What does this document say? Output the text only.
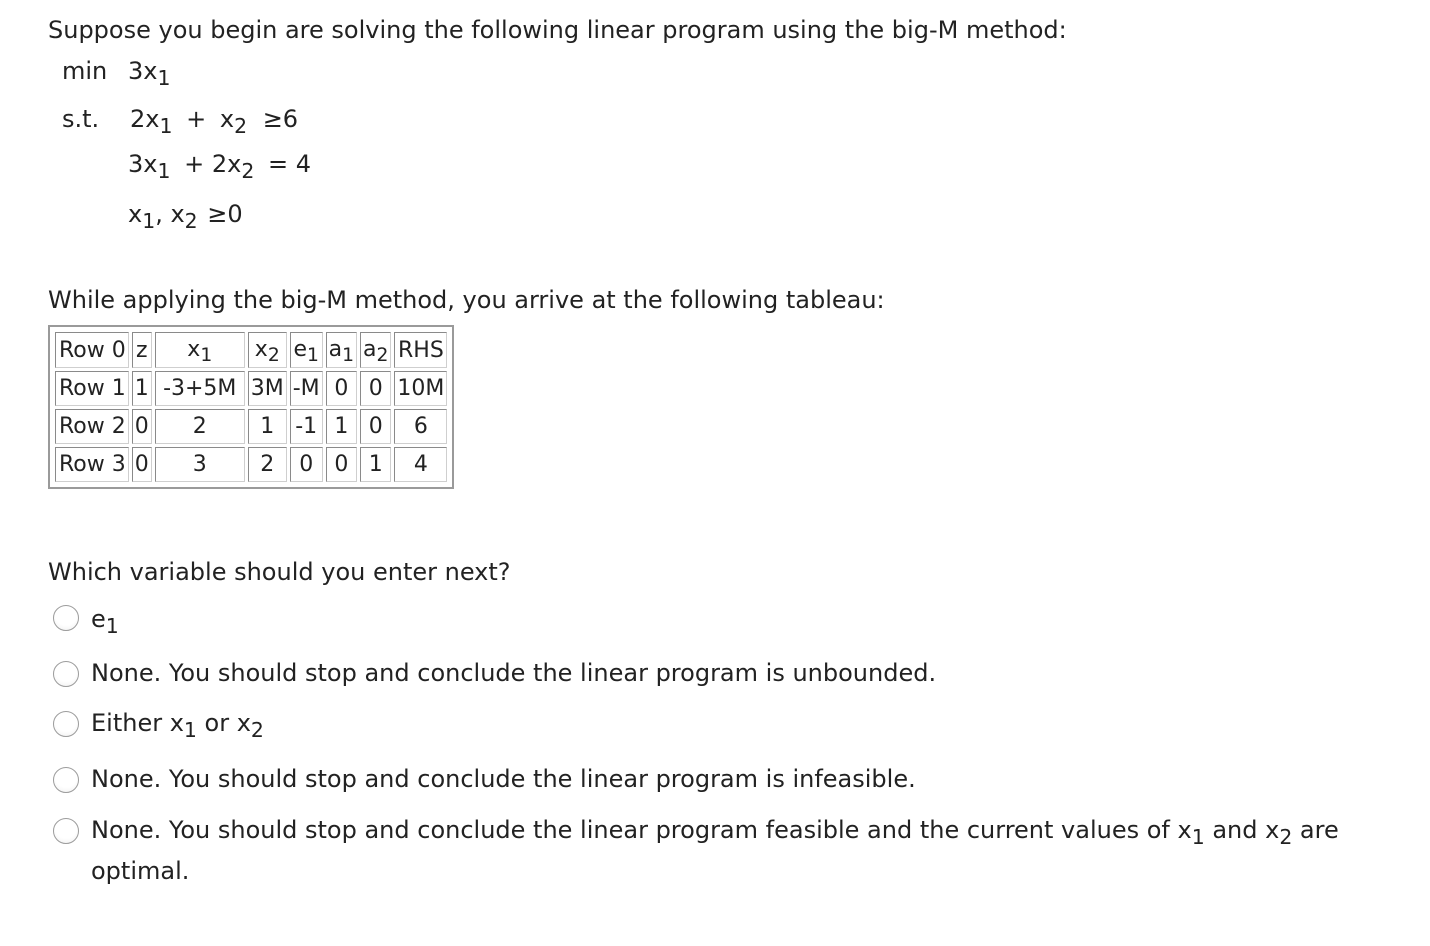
Suppose you begin are solving the following linear program using the big-M method:
$\min 3x_1$
s.t. $2x_1 + x_2 \ge 6$
$3x_1 + 2x_2 = 4$
$x_1$, $x_2 \ge 0$
While applying the big-M method, you arrive at the following tableau:
Row 0	z	$x_1$	$x_2$	$e_1$	$a_1$	$a_2$	RHS
Row 1	1	-3+5M	3M	-M	0	0	10M
Row 2	0	2	1	-1	1	0	6
Row 3	0	3	2	0	0	1	4
Which variable should you enter next?
$e_1$
None. You should stop and conclude the linear program is unbounded.
Either $x_1$ or $x_2$
None. You should stop and conclude the linear program is infeasible.
None. You should stop and conclude the linear program feasible and the current values of $x_1$ and $x_2$ are
optimal.
